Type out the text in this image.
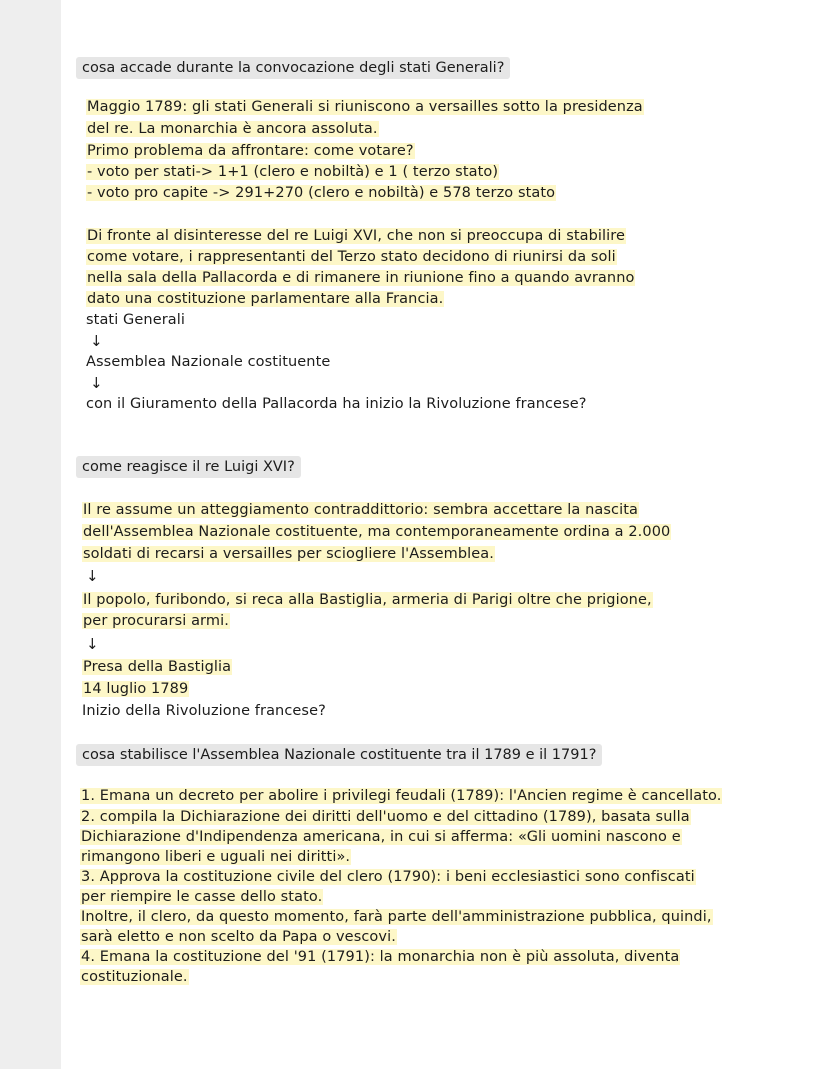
cosa accade durante la convocazione degli stati Generali?
Maggio 1789: gli stati Generali si riuniscono a versailles sotto la presidenza
del re. La monarchia è ancora assoluta.
Primo problema da affrontare: come votare?
- voto per stati-> 1+1 (clero e nobiltà) e 1 ( terzo stato)
- voto pro capite -> 291+270 (clero e nobiltà) e 578 terzo stato
Di fronte al disinteresse del re Luigi XVI, che non si preoccupa di stabilire
come votare, i rappresentanti del Terzo stato decidono di riunirsi da soli
nella sala della Pallacorda e di rimanere in riunione fino a quando avranno
dato una costituzione parlamentare alla Francia.
stati Generali
↓
Assemblea Nazionale costituente
↓
con il Giuramento della Pallacorda ha inizio la Rivoluzione francese?
come reagisce il re Luigi XVI?
Il re assume un atteggiamento contraddittorio: sembra accettare la nascita
dell'Assemblea Nazionale costituente, ma contemporaneamente ordina a 2.000
soldati di recarsi a versailles per sciogliere l'Assemblea.
↓
Il popolo, furibondo, si reca alla Bastiglia, armeria di Parigi oltre che prigione,
per procurarsi armi.
↓
Presa della Bastiglia
14 luglio 1789
Inizio della Rivoluzione francese?
cosa stabilisce l'Assemblea Nazionale costituente tra il 1789 e il 1791?
1. Emana un decreto per abolire i privilegi feudali (1789): l'Ancien regime è cancellato.
2. compila la Dichiarazione dei diritti dell'uomo e del cittadino (1789), basata sulla
Dichiarazione d'Indipendenza americana, in cui si afferma: «Gli uomini nascono e
rimangono liberi e uguali nei diritti».
3. Approva la costituzione civile del clero (1790): i beni ecclesiastici sono confiscati
per riempire le casse dello stato.
Inoltre, il clero, da questo momento, farà parte dell'amministrazione pubblica, quindi,
sarà eletto e non scelto da Papa o vescovi.
4. Emana la costituzione del '91 (1791): la monarchia non è più assoluta, diventa
costituzionale.
